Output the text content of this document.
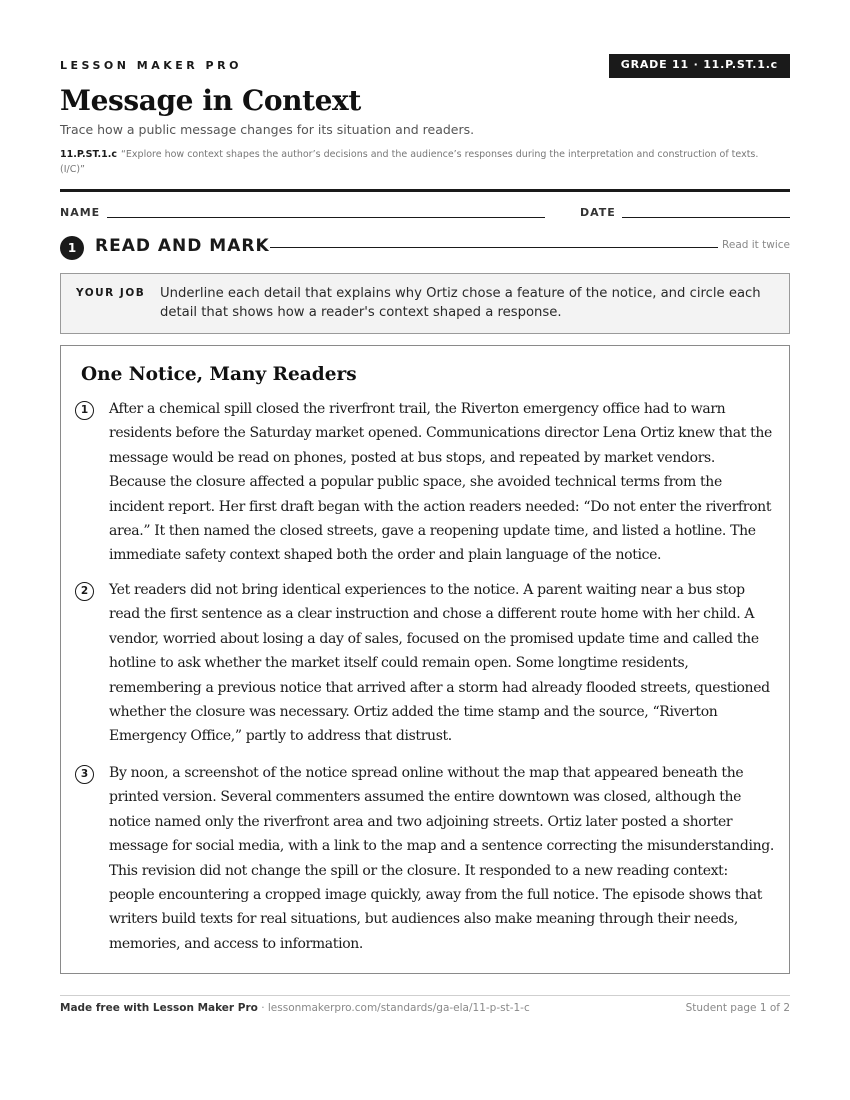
LESSON MAKER PRO	GRADE 11 · 11.P.ST.1.c
Message in Context
Trace how a public message changes for its situation and readers.
11.P.ST.1.c “Explore how context shapes the author’s decisions and the audience’s responses during the interpretation and construction of texts. (I/C)”
NAME	DATE
1	READ AND MARK	Read it twice
YOUR JOB Underline each detail that explains why Ortiz chose a feature of the notice, and circle each detail that shows how a reader's context shaped a response.
One Notice, Many Readers
1	After a chemical spill closed the riverfront trail, the Riverton emergency office had to warn residents before the Saturday market opened. Communications director Lena Ortiz knew that the message would be read on phones, posted at bus stops, and repeated by market vendors. Because the closure affected a popular public space, she avoided technical terms from the incident report. Her first draft began with the action readers needed: “Do not enter the riverfront area.” It then named the closed streets, gave a reopening update time, and listed a hotline. The immediate safety context shaped both the order and plain language of the notice.
2	Yet readers did not bring identical experiences to the notice. A parent waiting near a bus stop read the first sentence as a clear instruction and chose a different route home with her child. A vendor, worried about losing a day of sales, focused on the promised update time and called the hotline to ask whether the market itself could remain open. Some longtime residents, remembering a previous notice that arrived after a storm had already flooded streets, questioned whether the closure was necessary. Ortiz added the time stamp and the source, “Riverton Emergency Office,” partly to address that distrust.
3	By noon, a screenshot of the notice spread online without the map that appeared beneath the printed version. Several commenters assumed the entire downtown was closed, although the notice named only the riverfront area and two adjoining streets. Ortiz later posted a shorter message for social media, with a link to the map and a sentence correcting the misunderstanding. This revision did not change the spill or the closure. It responded to a new reading context: people encountering a cropped image quickly, away from the full notice. The episode shows that writers build texts for real situations, but audiences also make meaning through their needs, memories, and access to information.
Made free with Lesson Maker Pro · lessonmakerpro.com/standards/ga-ela/11-p-st-1-c	Student page 1 of 2
